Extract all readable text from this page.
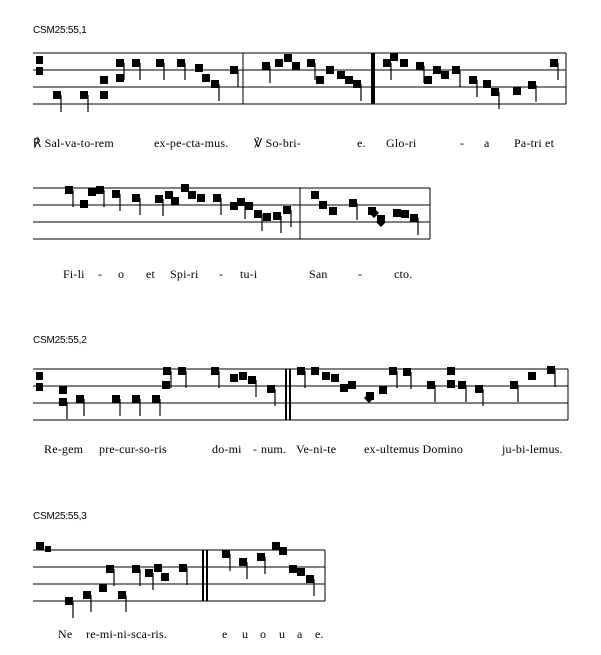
CSM25:55,1
CSM25:55,2
CSM25:55,3
℟ Sal-va-to-rem	ex-pe-cta-mus. ℣ So-bri-	e. Glo-ri	- a Pa-tri et
Fi-li - o et Spi-ri - tu-i	San	-	cto.
Re-gem pre-cur-so-ris	do-mi - num. Ve-ni-te ex-ultemus Domino	ju-bi-lemus.
Ne re-mi-ni-sca-ris.	e u o u a e.
